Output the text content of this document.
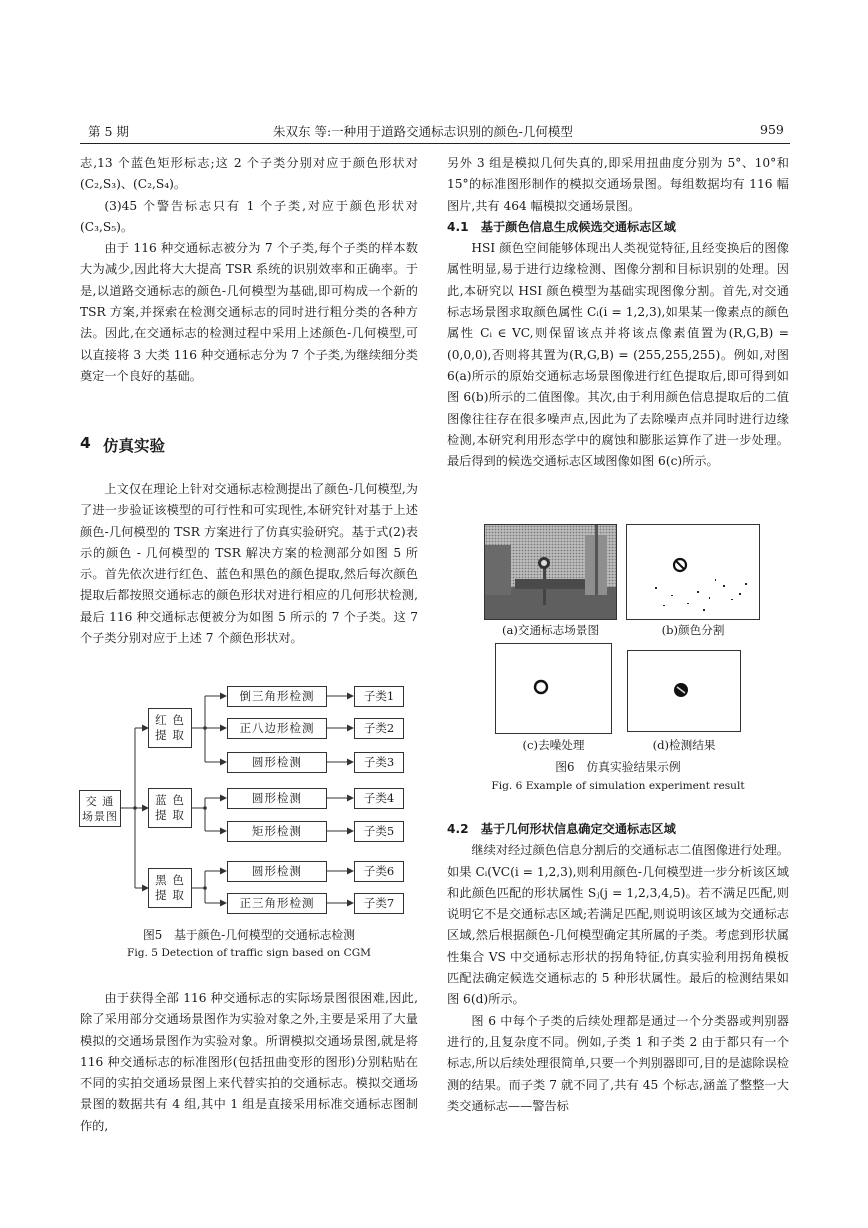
第 5 期	朱双东 等:一种用于道路交通标志识别的颜色-几何模型	959

志,13 个蓝色矩形标志;这 2 个子类分别对应于颜色形状对(C₂,S₃)、(C₂,S₄)。

(3)45 个警告标志只有 1 个子类,对应于颜色形状对(C₃,S₅)。

由于 116 种交通标志被分为 7 个子类,每个子类的样本数大为减少,因此将大大提高 TSR 系统的识别效率和正确率。于是,以道路交通标志的颜色-几何模型为基础,即可构成一个新的 TSR 方案,并探索在检测交通标志的同时进行粗分类的各种方法。因此,在交通标志的检测过程中采用上述颜色-几何模型,可以直接将 3 大类 116 种交通标志分为 7 个子类,为继续细分类奠定一个良好的基础。

4 仿真实验

上文仅在理论上针对交通标志检测提出了颜色-几何模型,为了进一步验证该模型的可行性和可实现性,本研究针对基于上述颜色-几何模型的 TSR 方案进行了仿真实验研究。基于式(2)表示的颜色 - 几何模型的 TSR 解决方案的检测部分如图 5 所示。首先依次进行红色、蓝色和黑色的颜色提取,然后每次颜色提取后都按照交通标志的颜色形状对进行相应的几何形状检测,最后 116 种交通标志便被分为如图 5 所示的 7 个子类。这 7 个子类分别对应于上述 7 个颜色形状对。

交 通
场景图
红 色
提 取
蓝 色
提 取
黑 色
提 取
倒三角形检测
正八边形检测
圆形检测
圆形检测
矩形检测
圆形检测
正三角形检测
子类1
子类2
子类3
子类4
子类5
子类6
子类7
图5　基于颜色-几何模型的交通标志检测
Fig. 5 Detection of traffic sign based on CGM

由于获得全部 116 种交通标志的实际场景图很困难,因此,除了采用部分交通场景图作为实验对象之外,主要是采用了大量模拟的交通场景图作为实验对象。所谓模拟交通场景图,就是将 116 种交通标志的标准图形(包括扭曲变形的图形)分别粘贴在不同的实拍交通场景图上来代替实拍的交通标志。模拟交通场景图的数据共有 4 组,其中 1 组是直接采用标准交通标志图制作的,

另外 3 组是模拟几何失真的,即采用扭曲度分别为 5°、10°和 15°的标准图形制作的模拟交通场景图。每组数据均有 116 幅图片,共有 464 幅模拟交通场景图。

4.1　基于颜色信息生成候选交通标志区域

HSI 颜色空间能够体现出人类视觉特征,且经变换后的图像属性明显,易于进行边缘检测、图像分割和目标识别的处理。因此,本研究以 HSI 颜色模型为基础实现图像分割。首先,对交通标志场景图求取颜色属性 Cᵢ(i = 1,2,3),如果某一像素点的颜色属性 Cᵢ ∈ VC,则保留该点并将该点像素值置为(R,G,B) = (0,0,0),否则将其置为(R,G,B) = (255,255,255)。例如,对图 6(a)所示的原始交通标志场景图像进行红色提取后,即可得到如图 6(b)所示的二值图像。其次,由于利用颜色信息提取后的二值图像往往存在很多噪声点,因此为了去除噪声点并同时进行边缘检测,本研究利用形态学中的腐蚀和膨胀运算作了进一步处理。最后得到的候选交通标志区域图像如图 6(c)所示。

(a)交通标志场景图	(b)颜色分割
(c)去噪处理	(d)检测结果
图6　仿真实验结果示例
Fig. 6 Example of simulation experiment result

4.2　基于几何形状信息确定交通标志区域

继续对经过颜色信息分割后的交通标志二值图像进行处理。如果 Cᵢ(VC(i = 1,2,3),则利用颜色-几何模型进一步分析该区域和此颜色匹配的形状属性 Sⱼ(j = 1,2,3,4,5)。若不满足匹配,则说明它不是交通标志区域;若满足匹配,则说明该区域为交通标志区域,然后根据颜色-几何模型确定其所属的子类。考虑到形状属性集合 VS 中交通标志形状的拐角特征,仿真实验利用拐角模板匹配法确定候选交通标志的 5 种形状属性。最后的检测结果如图 6(d)所示。

图 6 中每个子类的后续处理都是通过一个分类器或判别器进行的,且复杂度不同。例如,子类 1 和子类 2 由于都只有一个标志,所以后续处理很简单,只要一个判别器即可,目的是滤除误检测的结果。而子类 7 就不同了,共有 45 个标志,涵盖了整整一大类交通标志——警告标
